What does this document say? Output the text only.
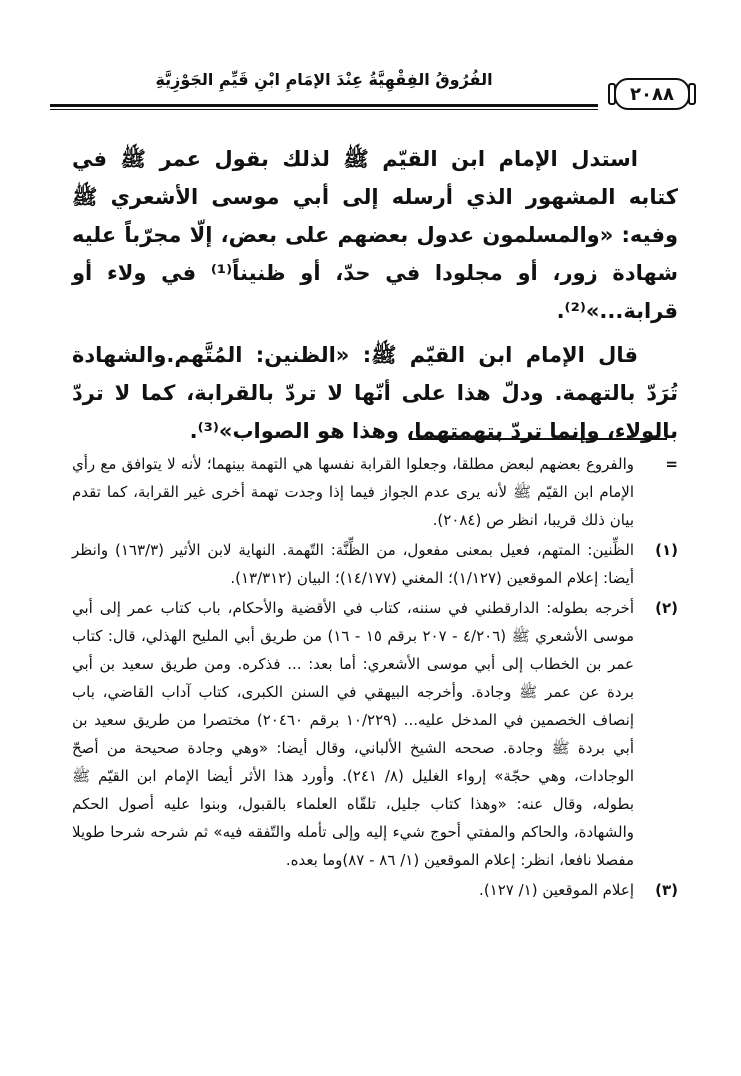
٢٠٨٨
الفُرُوقُ الفِقْهِيَّةُ عِنْدَ الإمَامِ ابْنِ قَيِّمِ الجَوْزِيَّةِ

استدل الإمام ابن القيّم ﷺ لذلك بقول عمر ﷺ في كتابه المشهور الذي أرسله إلى أبي موسى الأشعري ﷺ وفيه: «والمسلمون عدول بعضهم على بعض، إلّا مجرّباً عليه شهادة زور، أو مجلودا في حدّ، أو ظنيناً⁽¹⁾ في ولاء أو قرابة...»⁽²⁾.

قال الإمام ابن القيّم ﷺ: «الظنين: المُتَّهم.والشهادة تُرَدّ بالتهمة. ودلّ هذا على أنّها لا تردّ بالقرابة، كما لا تردّ بالولاء، وإنما تردّ بتهمتهما، وهذا هو الصواب»⁽³⁾.

=
والفروع بعضهم لبعض مطلقا، وجعلوا القرابة نفسها هي التهمة بينهما؛ لأنه لا يتوافق مع رأي الإمام ابن القيّم ﷺ لأنه يرى عدم الجواز فيما إذا وجدت تهمة أخرى غير القرابة، كما تقدم بيان ذلك قريبا، انظر ص (٢٠٨٤).
(١)
الظِّنين: المتهم، فعيل بمعنى مفعول، من الظِّنَّة: التّهمة. النهاية لابن الأثير (١٦٣/٣) وانظر أيضا: إعلام الموقعين (١/١٢٧)؛ المغني (١٤/١٧٧)؛ البيان (١٣/٣١٢).
(٢)
أخرجه بطوله: الدارقطني في سننه، كتاب في الأقضية والأحكام، باب كتاب عمر إلى أبي موسى الأشعري ﷺ (٤/٢٠٦ - ٢٠٧ برقم ١٥ - ١٦) من طريق أبي المليح الهذلي، قال: كتاب عمر بن الخطاب إلى أبي موسى الأشعري: أما بعد: ... فذكره. ومن طريق سعيد بن أبي بردة عن عمر ﷺ وجادة. وأخرجه البيهقي في السنن الكبرى، كتاب آداب القاضي، باب إنصاف الخصمين في المدخل عليه... (١٠/٢٢٩ برقم ٢٠٤٦٠) مختصرا من طريق سعيد بن أبي بردة ﷺ وجادة. صححه الشيخ الألباني، وقال أيضا: «وهي وجادة صحيحة من أصحّ الوجادات، وهي حجّة» إرواء الغليل (٨/ ٢٤١). وأورد هذا الأثر أيضا الإمام ابن القيّم ﷺ بطوله، وقال عنه: «وهذا كتاب جليل، تلقّاه العلماء بالقبول، وبنوا عليه أصول الحكم والشهادة، والحاكم والمفتي أحوج شيء إليه وإلى تأمله والتّفقه فيه» ثم شرحه شرحا طويلا مفصلا نافعا، انظر: إعلام الموقعين (١/ ٨٦ - ٨٧)وما بعده.
(٣)
إعلام الموقعين (١/ ١٢٧).
